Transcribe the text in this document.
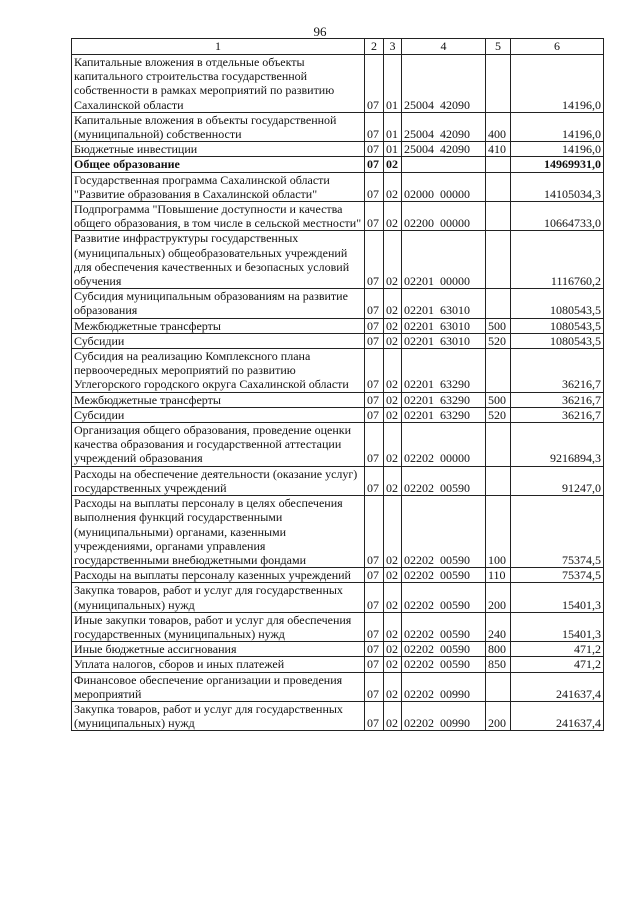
96
1	2	3	4	5	6
Капитальные вложения в отдельные объекты капитального строительства государственной собственности в рамках мероприятий по развитию Сахалинской области	07	01	25004  42090		14196,0
Капитальные вложения в объекты государственной (муниципальной) собственности	07	01	25004  42090	400	14196,0
Бюджетные инвестиции	07	01	25004  42090	410	14196,0
Общее образование	07	02			14969931,0
Государственная программа Сахалинской области "Развитие образования в Сахалинской области"	07	02	02000  00000		14105034,3
Подпрограмма "Повышение доступности и качества общего образования, в том числе в сельской местности"	07	02	02200  00000		10664733,0
Развитие инфраструктуры государственных (муниципальных) общеобразовательных учреждений для обеспечения качественных и безопасных условий обучения	07	02	02201  00000		1116760,2
Субсидия муниципальным образованиям на развитие образования	07	02	02201  63010		1080543,5
Межбюджетные трансферты	07	02	02201  63010	500	1080543,5
Субсидии	07	02	02201  63010	520	1080543,5
Субсидия на реализацию Комплексного плана первоочередных мероприятий по развитию Углегорского городского округа Сахалинской области	07	02	02201  63290		36216,7
Межбюджетные трансферты	07	02	02201  63290	500	36216,7
Субсидии	07	02	02201  63290	520	36216,7
Организация общего образования, проведение оценки качества образования и государственной аттестации учреждений образования	07	02	02202  00000		9216894,3
Расходы на обеспечение деятельности (оказание услуг) государственных учреждений	07	02	02202  00590		91247,0
Расходы на выплаты персоналу в целях обеспечения выполнения функций государственными (муниципальными) органами, казенными учреждениями, органами управления государственными внебюджетными фондами	07	02	02202  00590	100	75374,5
Расходы на выплаты персоналу казенных учреждений	07	02	02202  00590	110	75374,5
Закупка товаров, работ и услуг для государственных (муниципальных) нужд	07	02	02202  00590	200	15401,3
Иные закупки товаров, работ и услуг для обеспечения государственных (муниципальных) нужд	07	02	02202  00590	240	15401,3
Иные бюджетные ассигнования	07	02	02202  00590	800	471,2
Уплата налогов, сборов и иных платежей	07	02	02202  00590	850	471,2
Финансовое обеспечение организации и проведения мероприятий	07	02	02202  00990		241637,4
Закупка товаров, работ и услуг для государственных (муниципальных) нужд	07	02	02202  00990	200	241637,4
